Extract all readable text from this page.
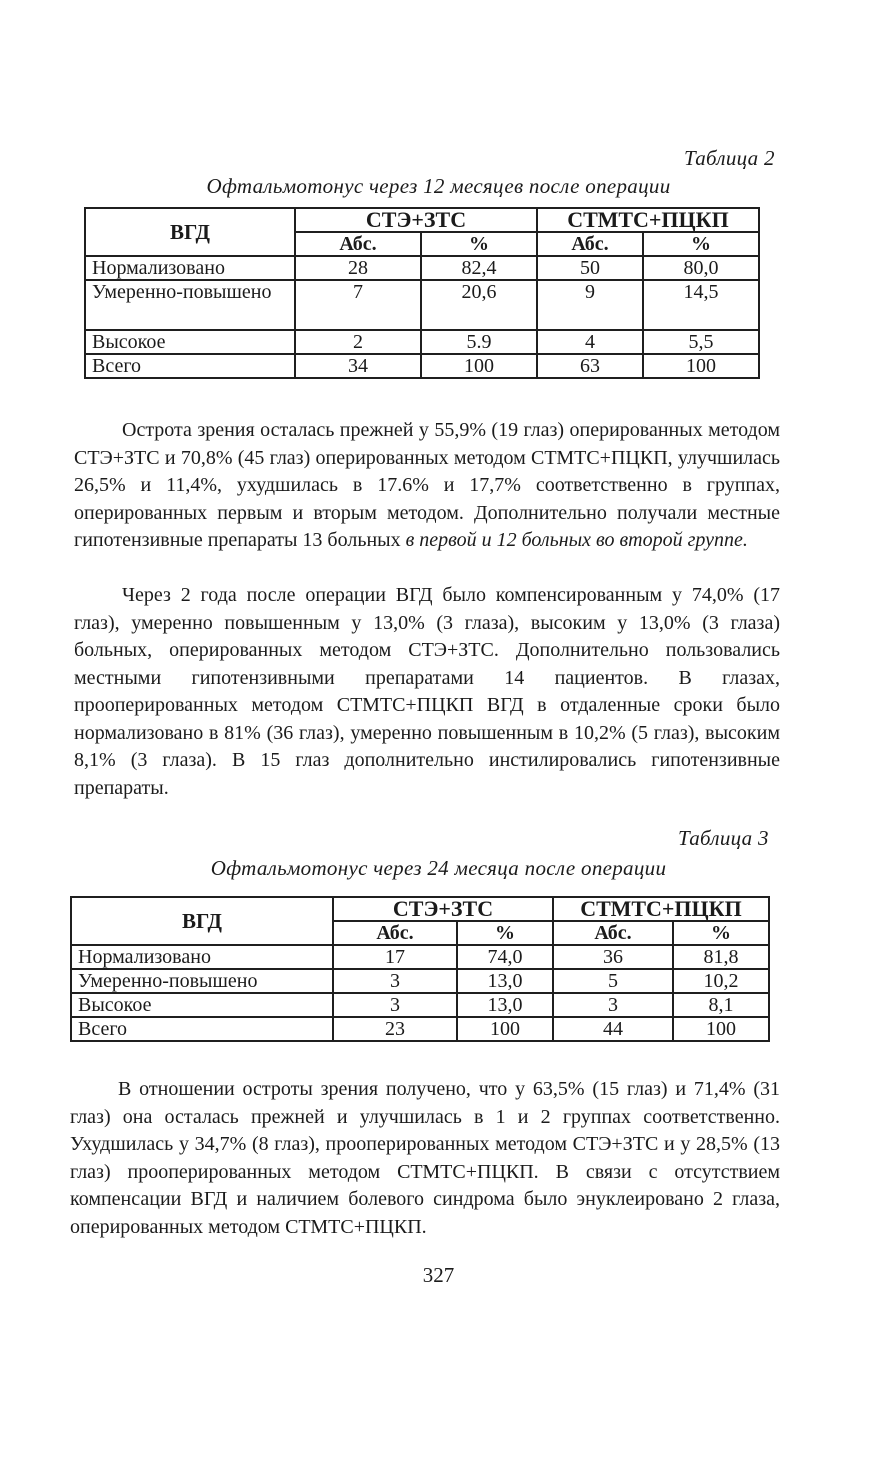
Таблица 2
Офтальмотонус через 12 месяцев после операции
ВГД	СТЭ+ЗТС		СТМТС+ПЦКП	
	Абс.	%	Абс.	%
Нормализовано	28	82,4	50	80,0
Умеренно-повышено	7	20,6	9	14,5
Высокое	2	5.9	4	5,5
Всего	34	100	63	100
Острота зрения осталась прежней у 55,9% (19 глаз) оперированных методом СТЭ+ЗТС и 70,8% (45 глаз) оперированных методом СТМТС+ПЦКП, улучшилась 26,5% и 11,4%, ухудшилась в 17.6% и 17,7% соответственно в группах, оперированных первым и вторым методом. Дополнительно получали местные гипотензивные препараты 13 больных в первой и 12 больных во второй группе.
Через 2 года после операции ВГД было компенсированным у 74,0% (17 глаз), умеренно повышенным у 13,0% (3 глаза), высоким у 13,0% (3 глаза) больных, оперированных методом СТЭ+ЗТС. Дополнительно пользовались местными гипотензивными препаратами 14 пациентов. В глазах, прооперированных методом СТМТС+ПЦКП ВГД в отдаленные сроки было нормализовано в 81% (36 глаз), умеренно повышенным в 10,2% (5 глаз), высоким 8,1% (3 глаза). В 15 глаз дополнительно инстилировались гипотензивные препараты.
Таблица 3
Офтальмотонус через 24 месяца после операции
ВГД	СТЭ+ЗТС		СТМТС+ПЦКП	
	Абс.	%	Абс.	%
Нормализовано	17	74,0	36	81,8
Умеренно-повышено	3	13,0	5	10,2
Высокое	3	13,0	3	8,1
Всего	23	100	44	100
В отношении остроты зрения получено, что у 63,5% (15 глаз) и 71,4% (31 глаз) она осталась прежней и улучшилась в 1 и 2 группах соответственно. Ухудшилась у 34,7% (8 глаз), прооперированных методом СТЭ+ЗТС и у 28,5% (13 глаз) прооперированных методом СТМТС+ПЦКП. В связи с отсутствием компенсации ВГД и наличием болевого синдрома было энуклеировано 2 глаза, оперированных методом СТМТС+ПЦКП.
327
